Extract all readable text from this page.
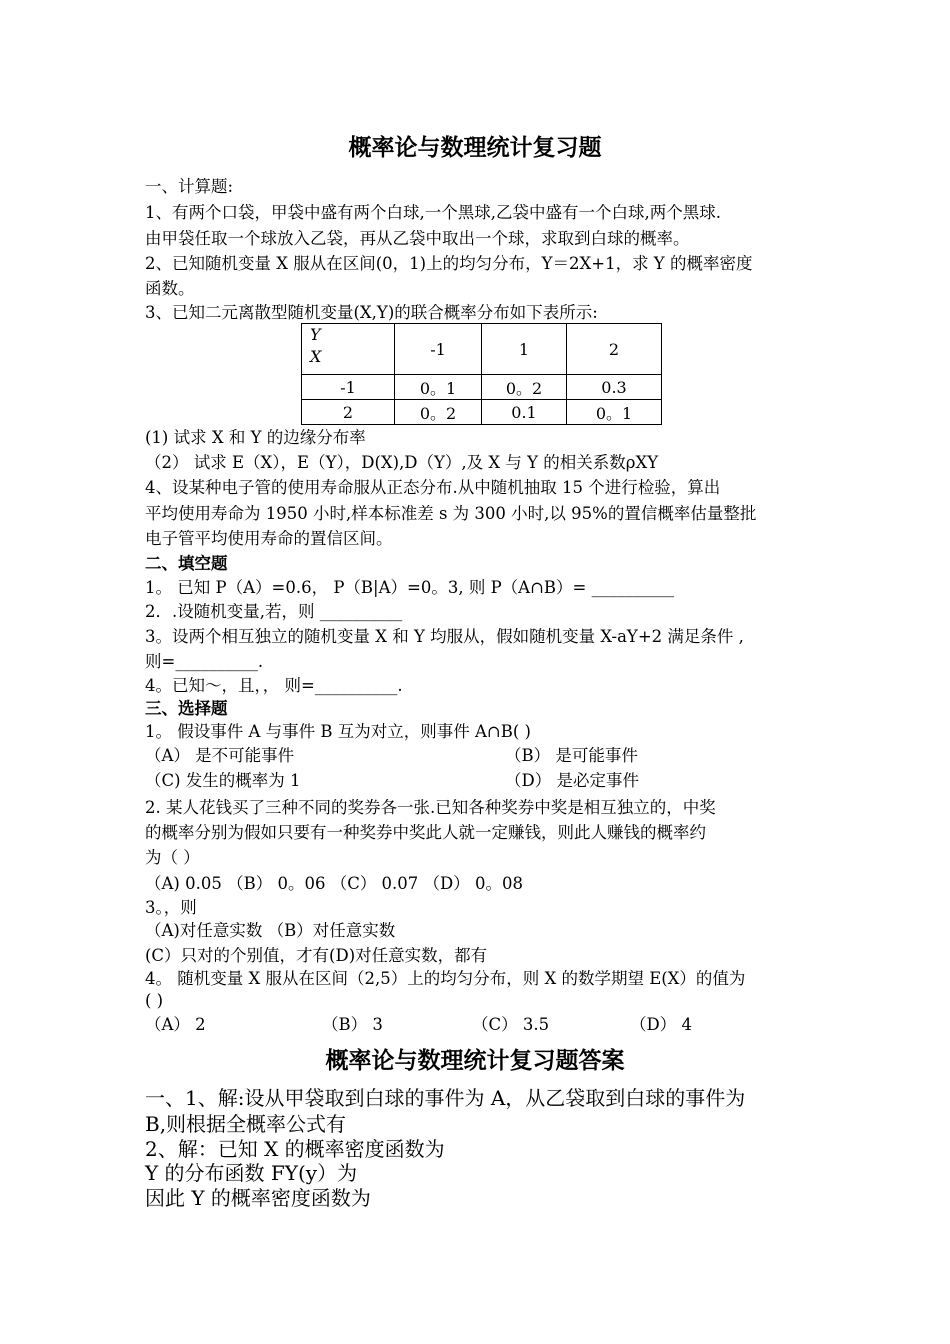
概率论与数理统计复习题
一、计算题:
1、有两个口袋，甲袋中盛有两个白球,一个黑球,乙袋中盛有一个白球,两个黑球.
由甲袋任取一个球放入乙袋，再从乙袋中取出一个球，求取到白球的概率。
2、已知随机变量 X 服从在区间(0，1)上的均匀分布，Y＝2X+1，求 Y 的概率密度
函数。
3、已知二元离散型随机变量(X,Y)的联合概率分布如下表所示:
Y
X	-1	1	2
-1	0。1	0。2	0.3
2	0。2	0.1	0。1
(1) 试求 X 和 Y 的边缘分布率
（2） 试求 E（X），E（Y），D(X),D（Y）,及 X 与 Y 的相关系数ρXY
4、设某种电子管的使用寿命服从正态分布.从中随机抽取 15 个进行检验，算出
平均使用寿命为 1950 小时,样本标准差 s 为 300 小时,以 95%的置信概率估量整批
电子管平均使用寿命的置信区间。
二、填空题
1。 已知 P（A）=0.6， P（B|A）=0。3, 则 P（A∩B）= __________
2．.设随机变量,若，则 __________
3。设两个相互独立的随机变量 X 和 Y 均服从，假如随机变量 X-aY+2 满足条件 ,
则=__________.
4。已知～，且，， 则=__________.
三、选择题
1。 假设事件 A 与事件 B 互为对立，则事件 A∩B( )
（A） 是不可能事件	（B） 是可能事件
（C) 发生的概率为 1	（D） 是必定事件
2. 某人花钱买了三种不同的奖券各一张.已知各种奖券中奖是相互独立的，中奖
的概率分别为假如只要有一种奖券中奖此人就一定赚钱，则此人赚钱的概率约
为（ ）
（A) 0.05 （B） 0。06 （C） 0.07 （D） 0。08
3。，则
（A)对任意实数 （B）对任意实数
(C）只对的个别值，才有(D)对任意实数，都有
4。 随机变量 X 服从在区间（2,5）上的均匀分布，则 X 的数学期望 E(X）的值为
( )
（A） 2	（B） 3	（C） 3.5	（D） 4
概率论与数理统计复习题答案
一、1、解:设从甲袋取到白球的事件为 A，从乙袋取到白球的事件为
B,则根据全概率公式有
2、解：已知 X 的概率密度函数为
Y 的分布函数 FY(y）为
因此 Y 的概率密度函数为
